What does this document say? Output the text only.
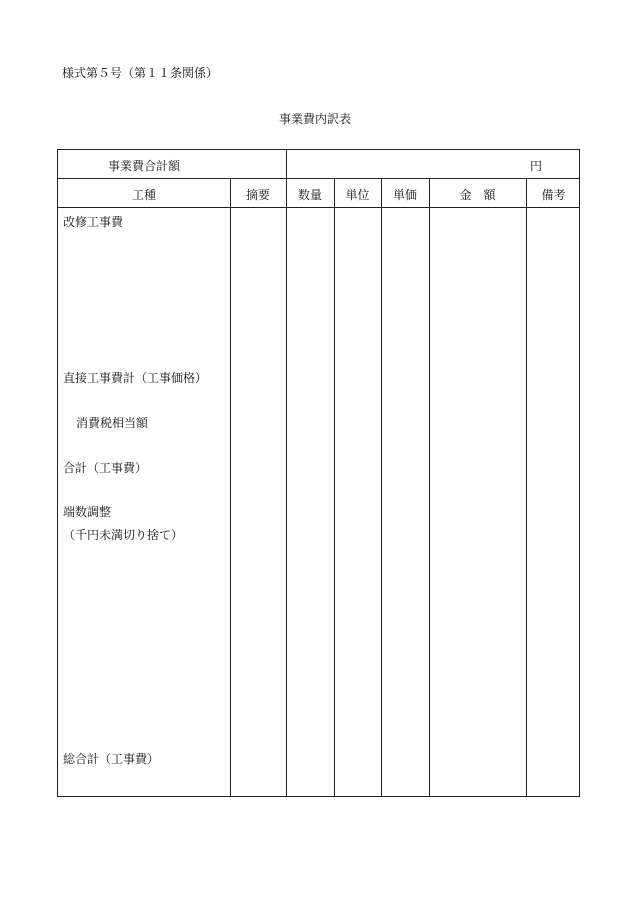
様式第５号（第１１条関係）
事業費内訳表
事業費合計額	円
工種	摘要	数量	単位	単価	金　額	備考
改修工事費
直接工事費計（工事価格）
消費税相当額
合計（工事費）
端数調整
（千円未満切り捨て）
総合計（工事費）
